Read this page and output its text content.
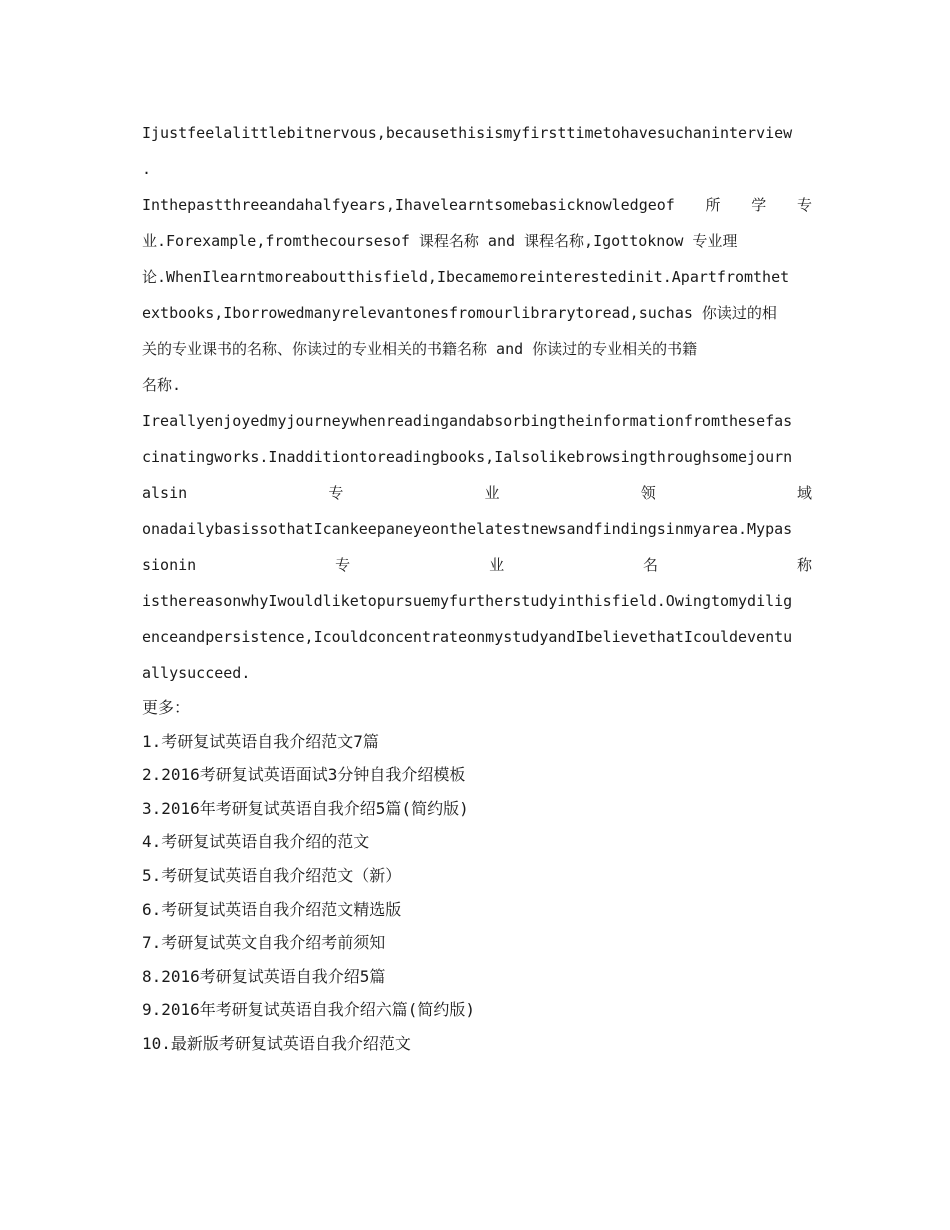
Ijustfeelalittlebitnervous,becausethisismyfirsttimetohavesuchaninterview
.
Inthepastthreeandahalfyears,Ihavelearntsomebasicknowledgeof 所 学 专
业.Forexample,fromthecoursesof 课程名称 and 课程名称,Igottoknow 专业理
论.WhenIlearntmoreaboutthisfield,Ibecamemoreinterestedinit.Apartfromthet
extbooks,Iborrowedmanyrelevantonesfromourlibrarytoread,suchas 你读过的相
关的专业课书的名称、你读过的专业相关的书籍名称 and 你读过的专业相关的书籍
名称.
Ireallyenjoyedmyjourneywhenreadingandabsorbingtheinformationfromthesefas
cinatingworks.Inadditiontoreadingbooks,Ialsolikebrowsingthroughsomejourn
alsin	专	业	领	域
onadailybasissothatIcankeepaneyeonthelatestnewsandfindingsinmyarea.Mypas
sionin	专	业	名	称
isthereasonwhyIwouldliketopursuemyfurtherstudyinthisfield.Owingtomydilig
enceandpersistence,IcouldconcentrateonmystudyandIbelievethatIcouldeventu
allysucceed.
更多：
1.考研复试英语自我介绍范文7篇
2.2016考研复试英语面试3分钟自我介绍模板
3.2016年考研复试英语自我介绍5篇(简约版)
4.考研复试英语自我介绍的范文
5.考研复试英语自我介绍范文（新）
6.考研复试英语自我介绍范文精选版
7.考研复试英文自我介绍考前须知
8.2016考研复试英语自我介绍5篇
9.2016年考研复试英语自我介绍六篇(简约版)
10.最新版考研复试英语自我介绍范文
